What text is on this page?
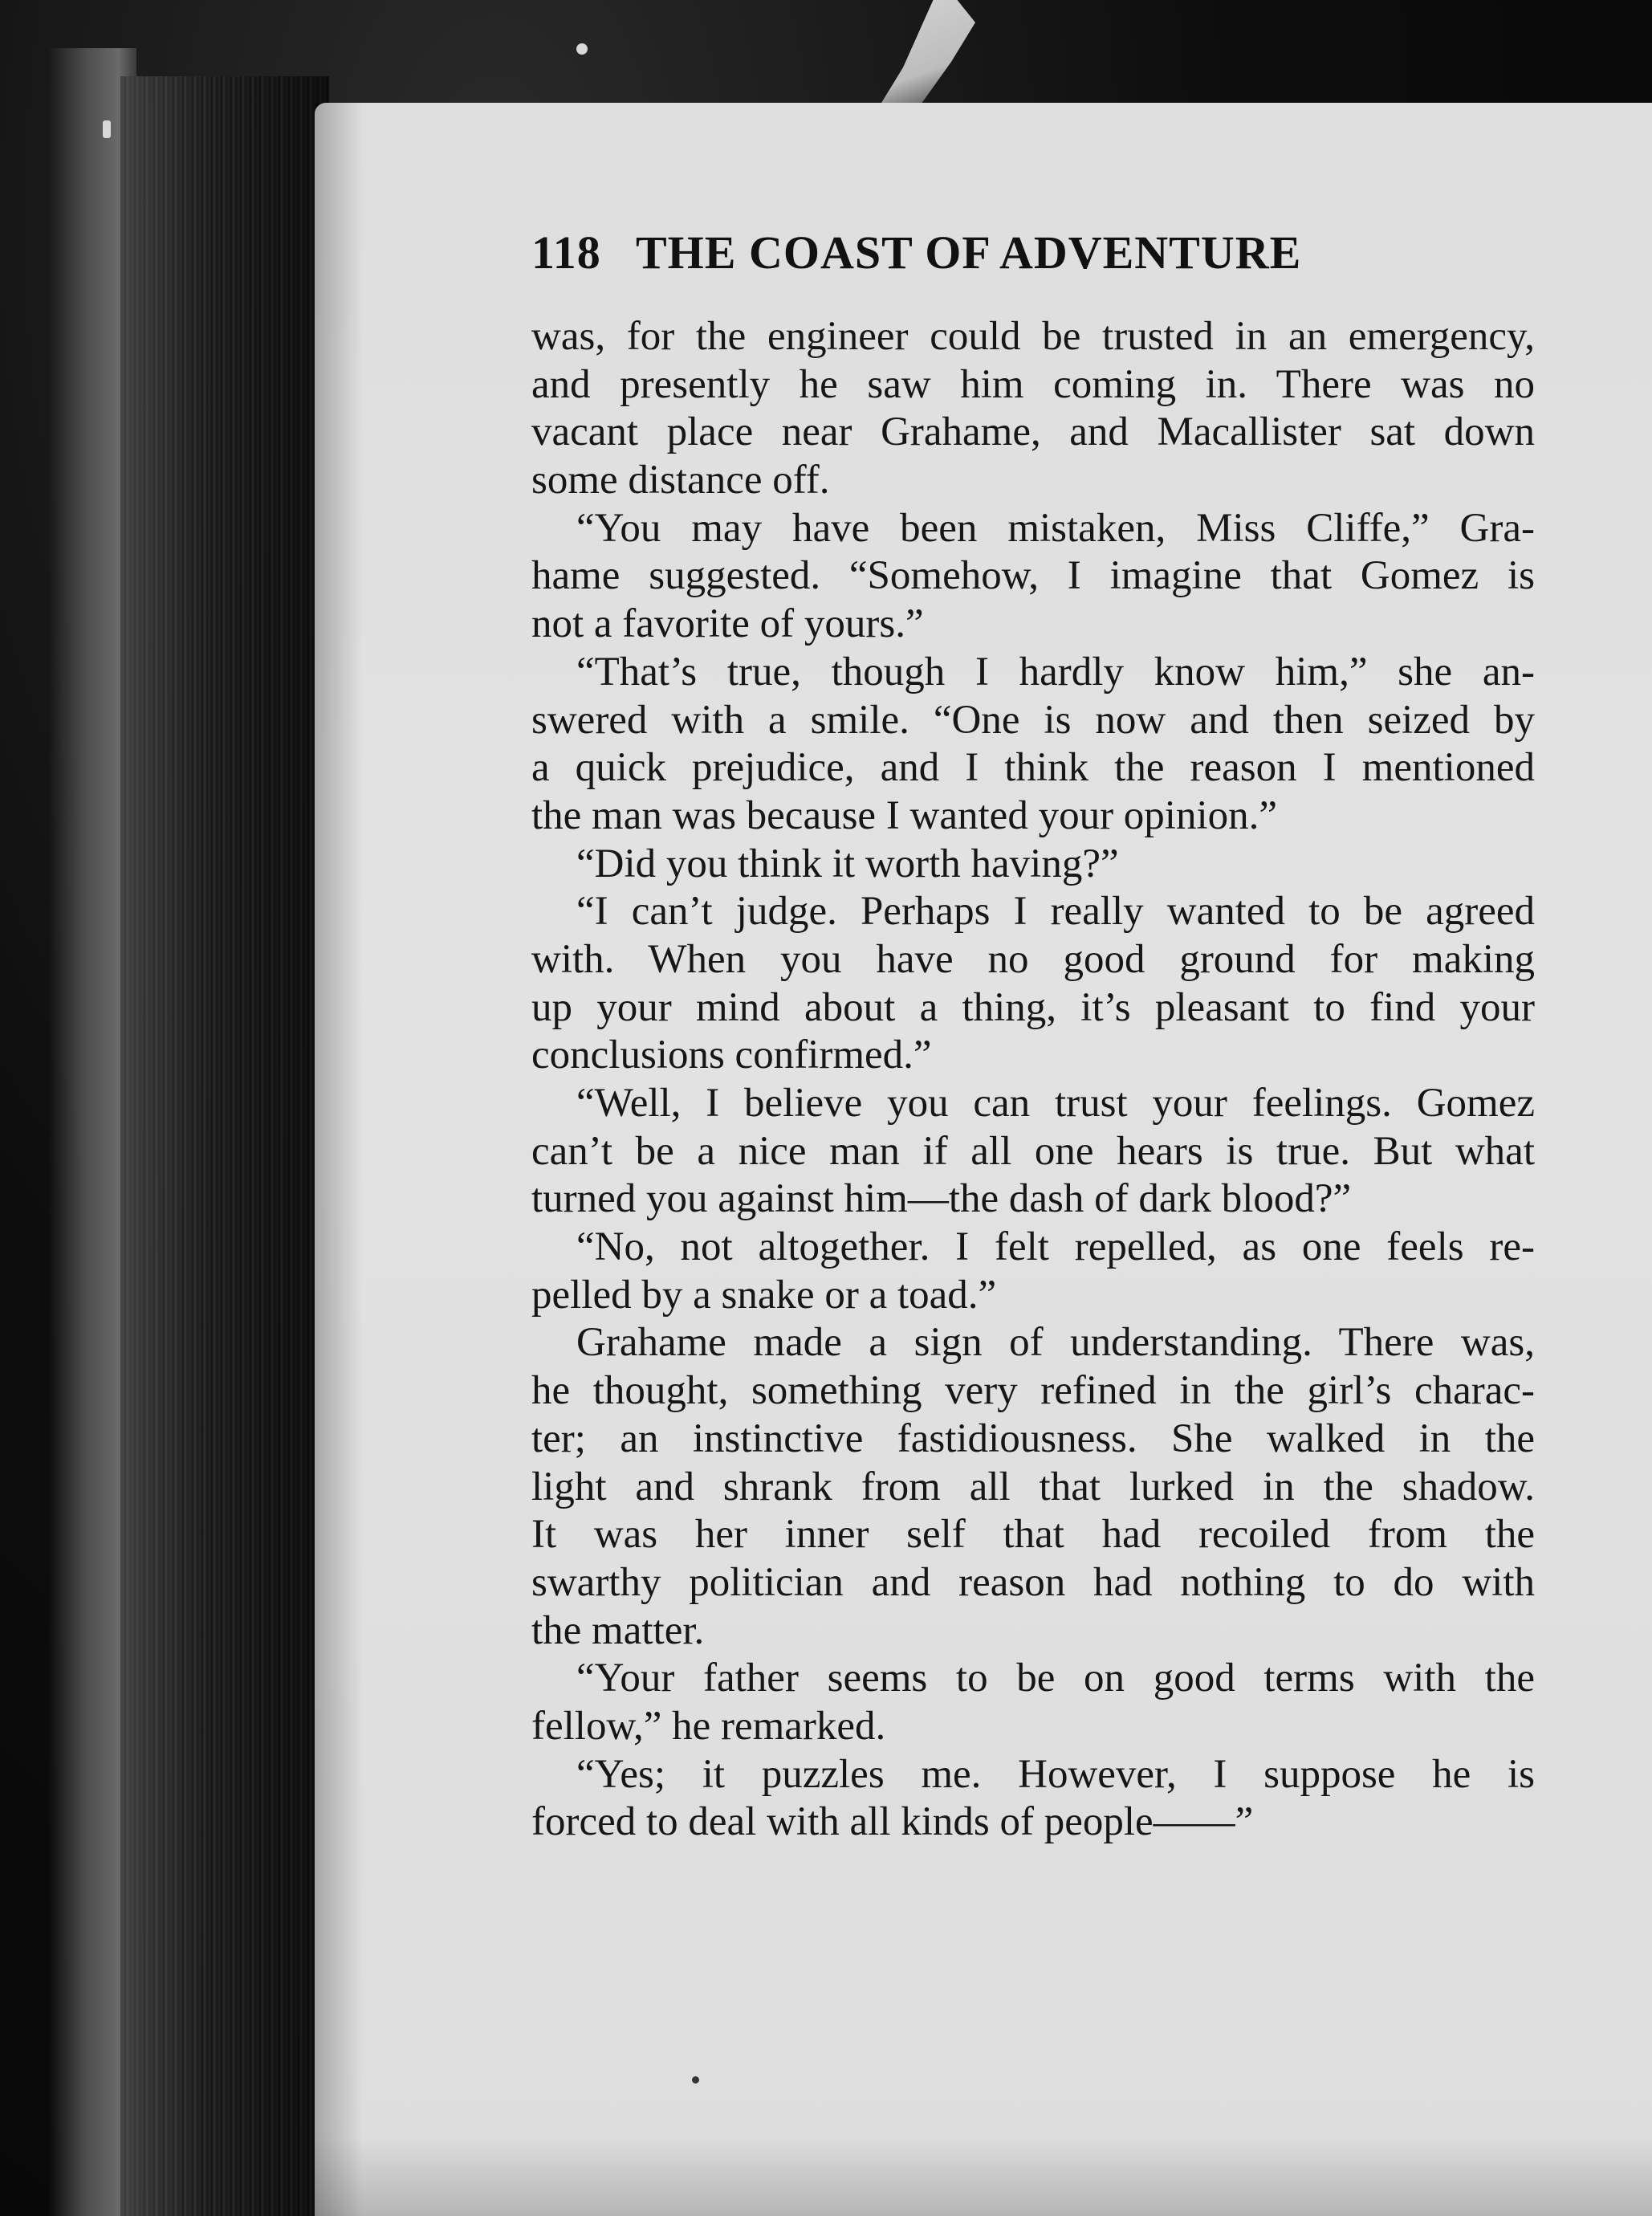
118 THE COAST OF ADVENTURE
was, for the engineer could be trusted in an emergency,
and presently he saw him coming in. There was no
vacant place near Grahame, and Macallister sat down
some distance off.
“You may have been mistaken, Miss Cliffe,” Gra-
hame suggested. “Somehow, I imagine that Gomez is
not a favorite of yours.”
“That’s true, though I hardly know him,” she an-
swered with a smile. “One is now and then seized by
a quick prejudice, and I think the reason I mentioned
the man was because I wanted your opinion.”
“Did you think it worth having?”
“I can’t judge. Perhaps I really wanted to be agreed
with. When you have no good ground for making
up your mind about a thing, it’s pleasant to find your
conclusions confirmed.”
“Well, I believe you can trust your feelings. Gomez
can’t be a nice man if all one hears is true. But what
turned you against him—the dash of dark blood?”
“No, not altogether. I felt repelled, as one feels re-
pelled by a snake or a toad.”
Grahame made a sign of understanding. There was,
he thought, something very refined in the girl’s charac-
ter; an instinctive fastidiousness. She walked in the
light and shrank from all that lurked in the shadow.
It was her inner self that had recoiled from the
swarthy politician and reason had nothing to do with
the matter.
“Your father seems to be on good terms with the
fellow,” he remarked.
“Yes; it puzzles me. However, I suppose he is
forced to deal with all kinds of people——”
